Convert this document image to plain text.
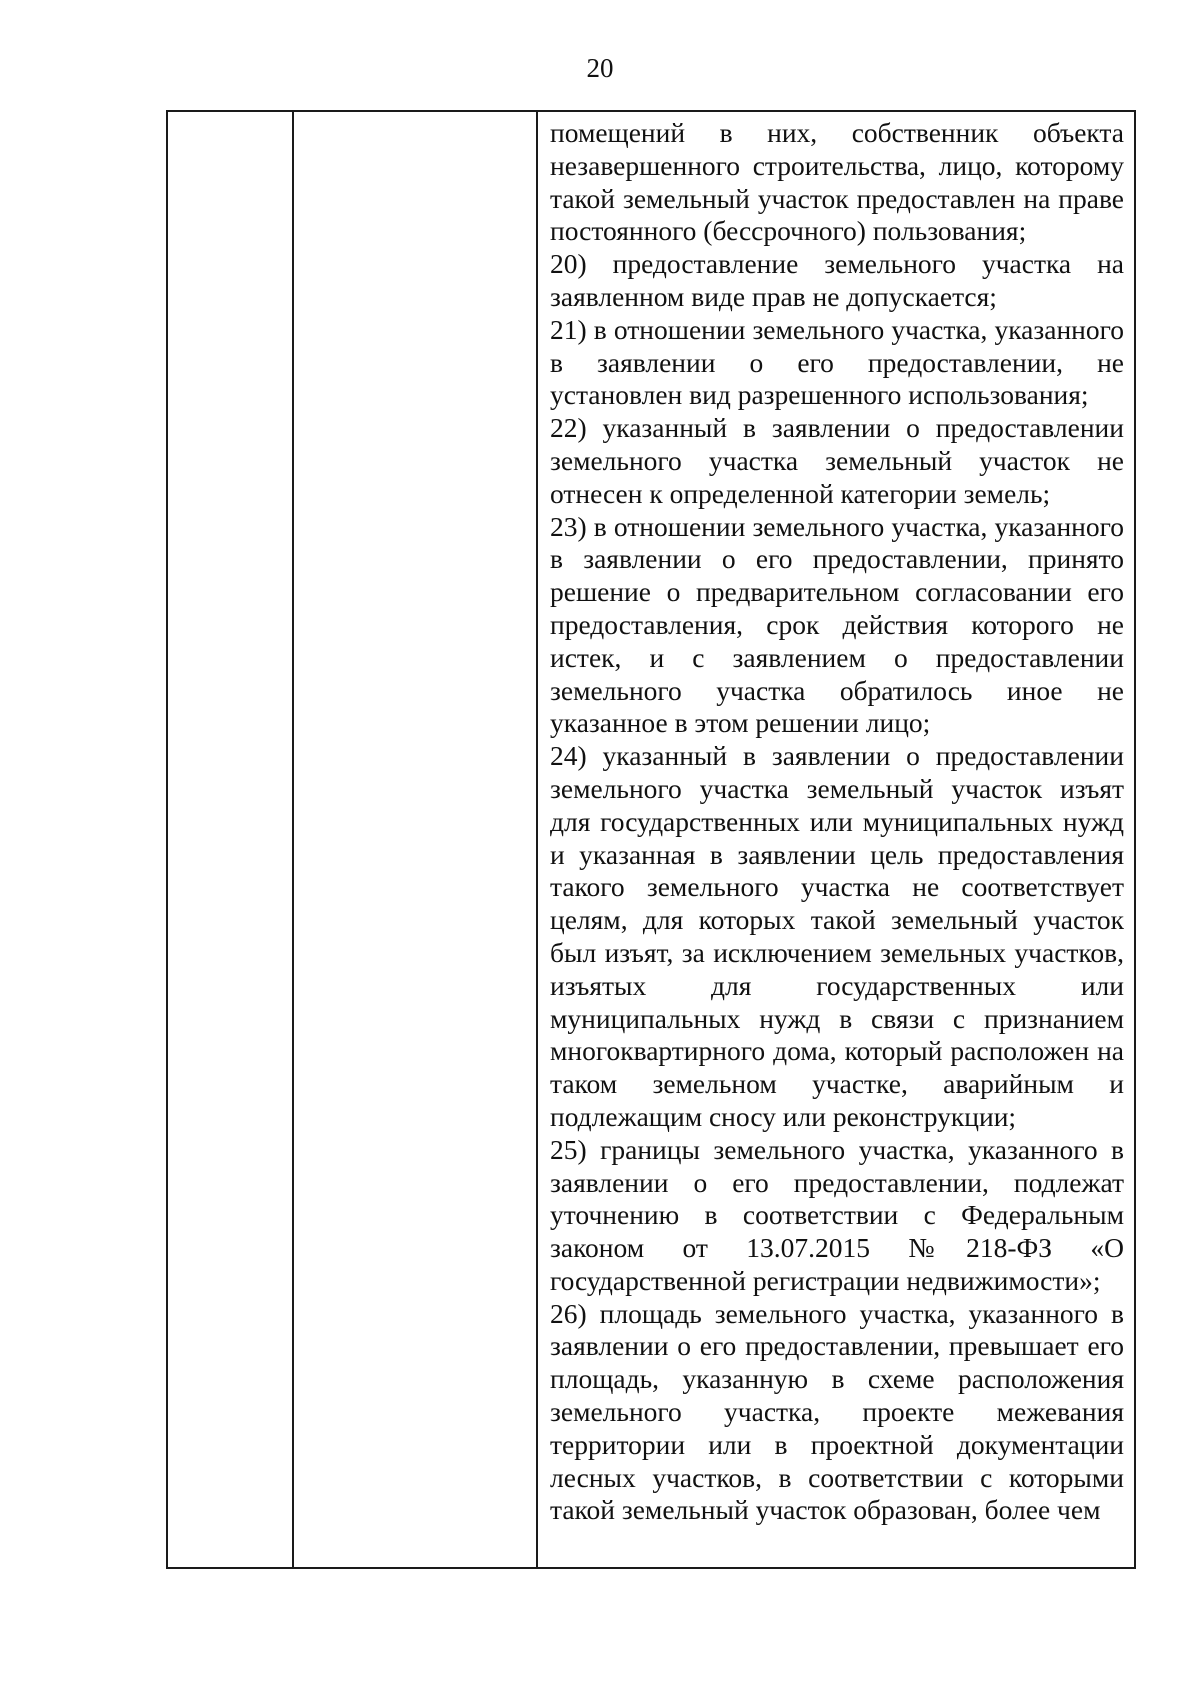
20

помещений в них, собственник объекта незавершенного строительства, лицо, которому такой земельный участок предоставлен на праве постоянного (бессрочного) пользования;

20) предоставление земельного участка на заявленном виде прав не допускается;

21) в отношении земельного участка, указанного в заявлении о его предоставлении, не установлен вид разрешенного использования;

22) указанный в заявлении о предоставлении земельного участка земельный участок не отнесен к определенной категории земель;

23) в отношении земельного участка, указанного в заявлении о его предоставлении, принято решение о предварительном согласовании его предоставления, срок действия которого не истек, и с заявлением о предоставлении земельного участка обратилось иное не указанное в этом решении лицо;

24) указанный в заявлении о предоставлении земельного участка земельный участок изъят для государственных или муниципальных нужд и указанная в заявлении цель предоставления такого земельного участка не соответствует целям, для которых такой земельный участок был изъят, за исключением земельных участков, изъятых для государственных или муниципальных нужд в связи с признанием многоквартирного дома, который расположен на таком земельном участке, аварийным и подлежащим сносу или реконструкции;

25) границы земельного участка, указанного в заявлении о его предоставлении, подлежат уточнению в соответствии с Федеральным законом от 13.07.2015 №218-ФЗ «О государственной регистрации недвижимости»;

26) площадь земельного участка, указанного в заявлении о его предоставлении, превышает его площадь, указанную в схеме расположения земельного участка, проекте межевания территории или в проектной документации лесных участков, в соответствии с которыми такой земельный участок образован, более чем
